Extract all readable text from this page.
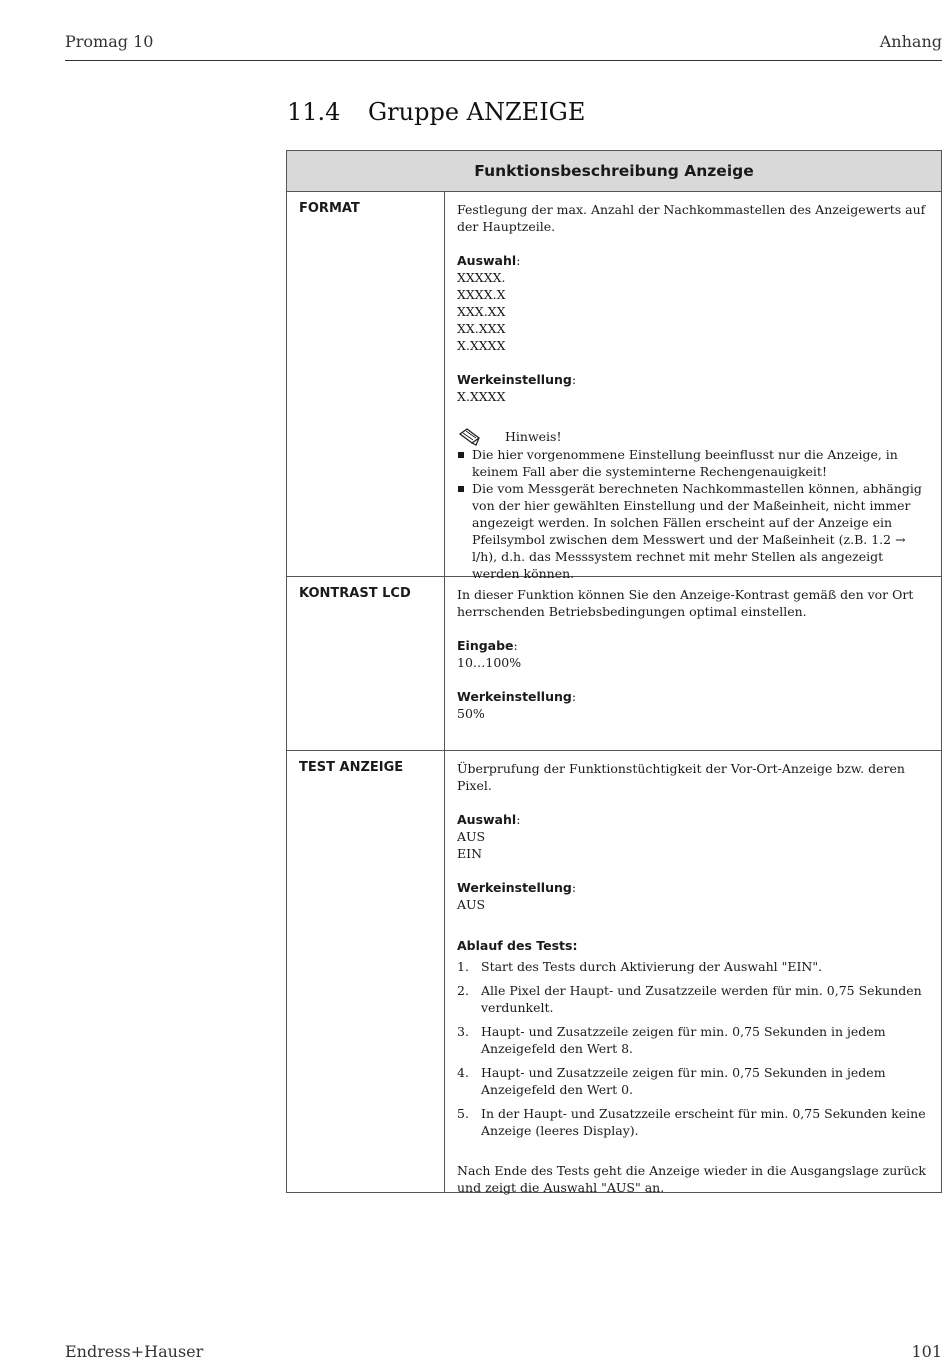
Promag 10	Anhang
11.4 Gruppe ANZEIGE
Funktionsbeschreibung Anzeige
FORMAT	Festlegung der max. Anzahl der Nachkommastellen des Anzeigewerts auf der Hauptzeile.
Auswahl:
XXXXX.
XXXX.X
XXX.XX
XX.XXX
X.XXXX
Werkeinstellung:
X.XXXX
Hinweis!
Die hier vorgenommene Einstellung beeinflusst nur die Anzeige, in keinem Fall aber die systeminterne Rechengenauigkeit!
Die vom Messgerät berechneten Nachkommastellen können, abhängig von der hier gewählten Einstellung und der Maßeinheit, nicht immer angezeigt werden. In solchen Fällen erscheint auf der Anzeige ein Pfeilsymbol zwischen dem Messwert und der Maßeinheit (z.B. 1.2 → l/h), d.h. das Messsystem rechnet mit mehr Stellen als angezeigt werden können.
KONTRAST LCD	In dieser Funktion können Sie den Anzeige-Kontrast gemäß den vor Ort herrschenden Betriebsbedingungen optimal einstellen.
Eingabe:
10…100%
Werkeinstellung:
50%
TEST ANZEIGE	Überprufung der Funktionstüchtigkeit der Vor-Ort-Anzeige bzw. deren Pixel.
Auswahl:
AUS
EIN
Werkeinstellung:
AUS
Ablauf des Tests:
1. Start des Tests durch Aktivierung der Auswahl "EIN".
2. Alle Pixel der Haupt- und Zusatzzeile werden für min. 0,75 Sekunden verdunkelt.
3. Haupt- und Zusatzzeile zeigen für min. 0,75 Sekunden in jedem Anzeigefeld den Wert 8.
4. Haupt- und Zusatzzeile zeigen für min. 0,75 Sekunden in jedem Anzeigefeld den Wert 0.
5. In der Haupt- und Zusatzzeile erscheint für min. 0,75 Sekunden keine Anzeige (leeres Display).
Nach Ende des Tests geht die Anzeige wieder in die Ausgangslage zurück und zeigt die Auswahl "AUS" an.
Endress+Hauser	101
